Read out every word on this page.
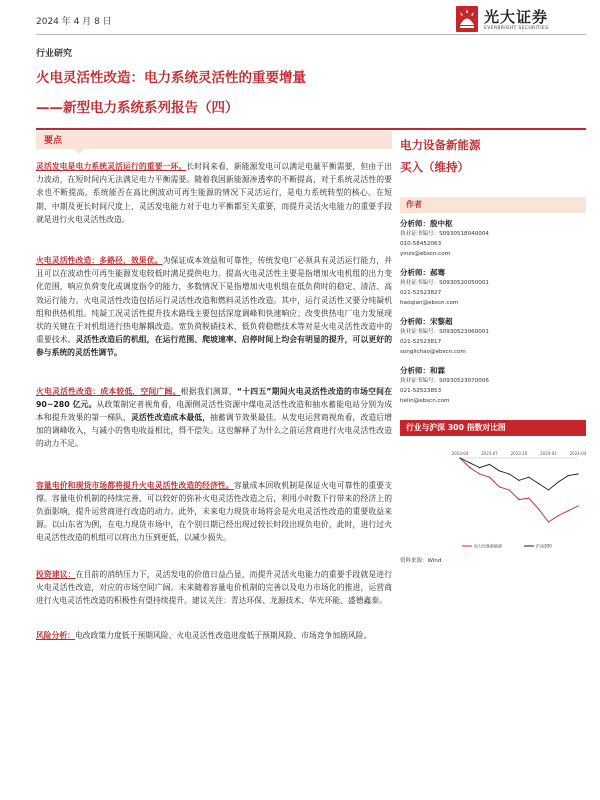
2024 年 4 月 8 日	光大证券
EVERBRIGHT SECURITIES
行业研究
火电灵活性改造：电力系统灵活性的重要增量
——新型电力系统系列报告（四）
要点

灵活发电是电力系统灵活运行的重要一环。长时间来看，新能源发电可以满足电量平衡需要，但由于出力波动，在短时间内无法满足电力平衡需要。随着我国新能源渗透率的不断提高，对于系统灵活性的要求也不断提高。系统能否在高比例波动可再生能源的情况下灵活运行，是电力系统转型的核心。在短期、中期及更长时间尺度上，灵活发电能力对于电力平衡都至关重要，而提升灵活火电能力的重要手段就是进行火电灵活性改造。

火电灵活性改造：多路径，效果优。为保证成本效益和可靠性，传统发电厂必须具有灵活运行能力，并且可以在波动性可再生能源发电较低时满足提供电力。提高火电灵活性主要是指增加火电机组的出力变化范围，响应负荷变化或调度指令的能力，多数情况下是指增加火电机组在低负荷时的稳定、清洁、高效运行能力。火电灵活性改造包括运行灵活性改造和燃料灵活性改造。其中，运行灵活性又要分纯凝机组和供热机组。纯凝工况灵活性提升技术路线主要包括深度调峰和快速响应；改变供热电厂电力发展现状的关键在于对机组进行热电解耦改造。宽负荷脱硝技术、低负荷稳燃技术等对是火电灵活性改造中的重要技术。灵活性改造后的机组，在运行范围、爬坡速率、启停时间上均会有明显的提升，可以更好的参与系统的灵活性调节。

火电灵活性改造：成本较低，空间广阔。根据我们测算，“十四五”期间火电灵活性改造的市场空间在 90~280 亿元。从政策制定者视角看，电源侧灵活性资源中煤电灵活性改造和抽水蓄能电站分别为成本和提升效果的第一梯队，灵活性改造成本最低，抽蓄调节效果最佳。从发电运营商视角看，改造后增加的调峰收入，与减小的售电收益相比，得不偿失。这也解释了为什么之前运营商进行火电灵活性改造的动力不足。

容量电价和现货市场都将提升火电灵活性改造的经济性。容量成本回收机制是保证火电可靠性的重要支撑。容量电价机制的持续完善，可以较好的弥补火电灵活性改造之后，利用小时数下行带来的经济上的负面影响，提升运营商进行改造的动力。此外，未来电力现货市场将会是火电灵活性改造的重要收益来源。以山东省为例，在电力现货市场中，在个别日期已经出现过较长时段出现负电价，此时，进行过火电灵活性改造的机组可以将出力压到更低，以减少损失。

投资建议：在目前的消纳压力下，灵活发电的价值日益凸显，而提升灵活火电能力的重要手段就是进行火电灵活性改造，对应的市场空间广阔。未来随着容量电价机制的完善以及电力市场化的推进，运营商进行火电灵活性改造的积极性有望持续提升。建议关注：青达环保、龙源技术、华光环能、盛德鑫泰。

风险分析：电改政策力度低于预期风险、火电灵活性改造进度低于预期风险、市场竞争加剧风险。

电力设备新能源
买入（维持）
作者
分析师：殷中枢
执业证书编号：S0930518040004
010-58452063
yinzs@ebscn.com
分析师：郝骞
执业证书编号：S0930520050001
021-52523827
haoqian@ebscn.com
分析师：宋黎超
执业证书编号：S0930523060001
021-52523817
songlichao@ebscn.com
分析师：和霖
执业证书编号：S0930523070006
021-52523853
helin@ebscn.com
行业与沪深 300 指数对比图
2023-04	2023-07	2023-10	2024-01	2024-04
电力设备新能源	沪深300
资料来源：Wind
